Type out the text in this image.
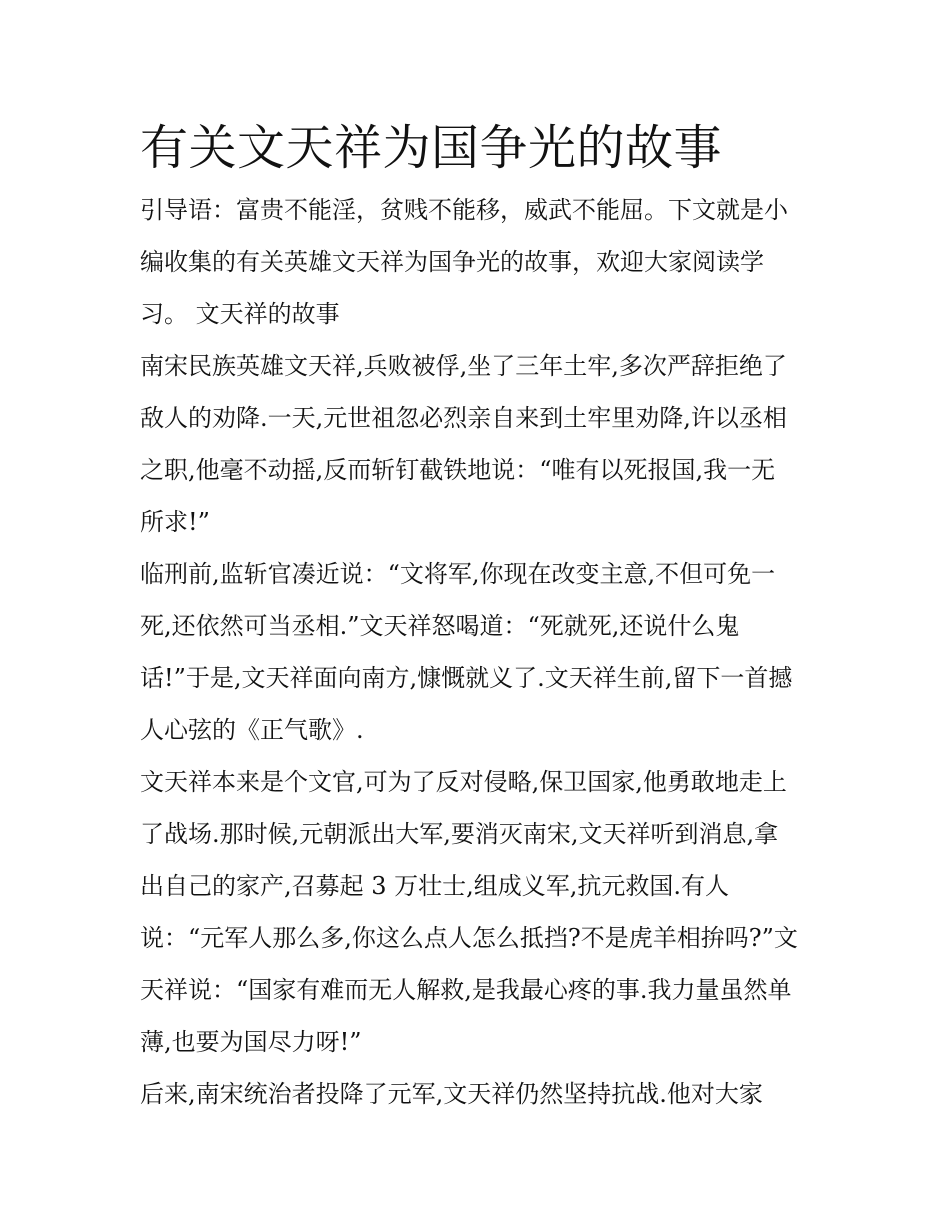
有关文天祥为国争光的故事

引导语：富贵不能淫，贫贱不能移，威武不能屈。下文就是小
编收集的有关英雄文天祥为国争光的故事，欢迎大家阅读学
习。 文天祥的故事

南宋民族英雄文天祥,兵败被俘,坐了三年土牢,多次严辞拒绝了
敌人的劝降.一天,元世祖忽必烈亲自来到土牢里劝降,许以丞相
之职,他毫不动摇,反而斩钉截铁地说：“唯有以死报国,我一无
所求!”

临刑前,监斩官凑近说：“文将军,你现在改变主意,不但可免一
死,还依然可当丞相.”文天祥怒喝道：“死就死,还说什么鬼
话!”于是,文天祥面向南方,慷慨就义了.文天祥生前,留下一首撼
人心弦的《正气歌》.

文天祥本来是个文官,可为了反对侵略,保卫国家,他勇敢地走上
了战场.那时候,元朝派出大军,要消灭南宋,文天祥听到消息,拿
出自己的家产,召募起 3 万壮士,组成义军,抗元救国.有人
说：“元军人那么多,你这么点人怎么抵挡?不是虎羊相拚吗?”文
天祥说：“国家有难而无人解救,是我最心疼的事.我力量虽然单
薄,也要为国尽力呀!”

后来,南宋统治者投降了元军,文天祥仍然坚持抗战.他对大家
